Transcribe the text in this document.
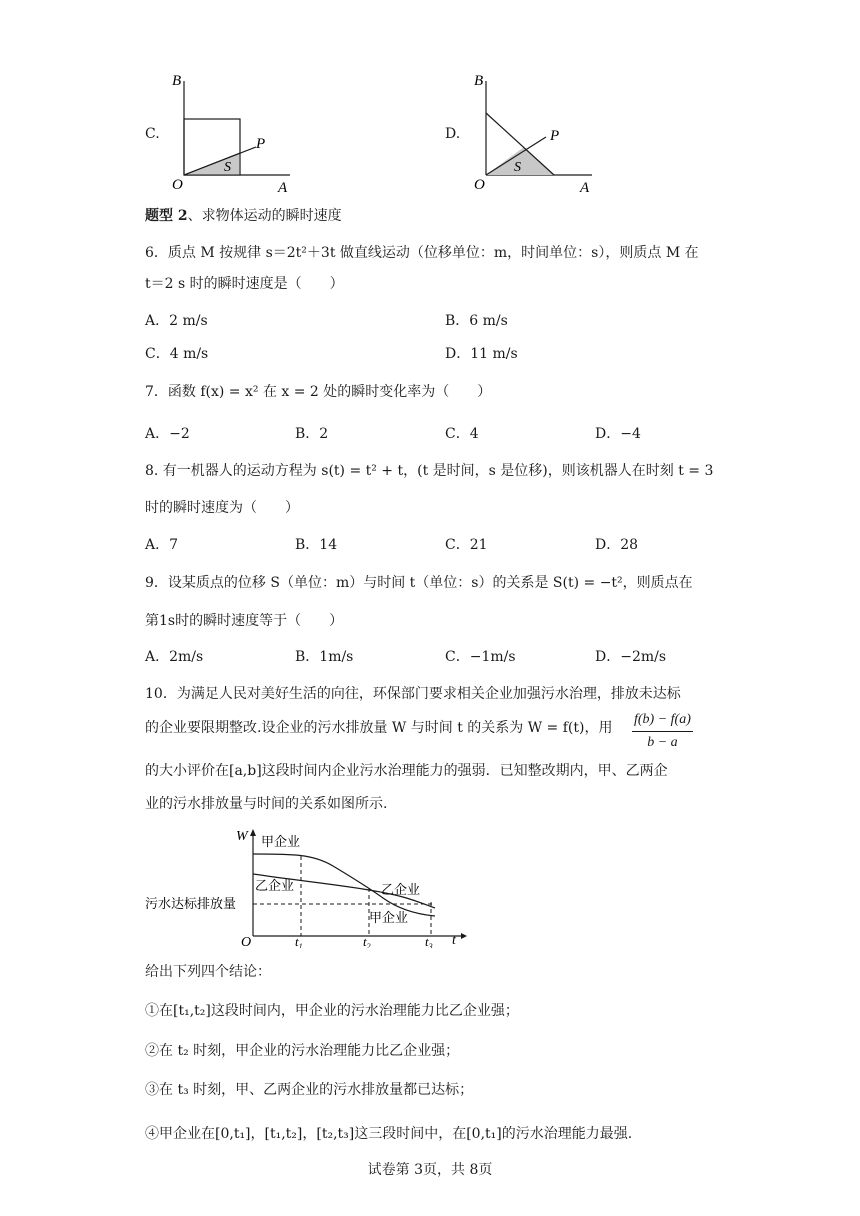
C.
B
O	A
P
S
D.
B
O	A
P
S
题型 2、求物体运动的瞬时速度
6．质点 M 按规律 s＝2t²＋3t 做直线运动（位移单位：m，时间单位：s），则质点 M 在
t＝2 s 时的瞬时速度是（　　）
A．2 m/s	B．6 m/s
C．4 m/s	D．11 m/s
7．函数 f(x) = x² 在 x = 2 处的瞬时变化率为（　　）
A．−2	B．2	C．4	D．−4
8. 有一机器人的运动方程为 s(t) = t² + t，(t 是时间，s 是位移)，则该机器人在时刻 t = 3
时的瞬时速度为（　　）
A．7	B．14	C．21	D．28
9．设某质点的位移 S（单位：m）与时间 t（单位：s）的关系是 S(t) = −t²，则质点在
第1s时的瞬时速度等于（　　）
A．2m/s	B．1m/s	C．−1m/s	D．−2m/s
10．为满足人民对美好生活的向往，环保部门要求相关企业加强污水治理，排放未达标
的企业要限期整改.设企业的污水排放量 W 与时间 t 的关系为 W = f(t)，用 $\frac{f(b) - f(a)}{b - a}$
的大小评价在[a,b]这段时间内企业污水治理能力的强弱．已知整改期内，甲、乙两企
业的污水排放量与时间的关系如图所示.
W 甲企业
乙企业	乙企业
甲企业
污水达标排放量
O	$t_1$	$t_2$	$t_3$ t
给出下列四个结论：
①在[t₁,t₂]这段时间内，甲企业的污水治理能力比乙企业强；
②在 t₂ 时刻，甲企业的污水治理能力比乙企业强；
③在 t₃ 时刻，甲、乙两企业的污水排放量都已达标；
④甲企业在[0,t₁]，[t₁,t₂]，[t₂,t₃]这三段时间中，在[0,t₁]的污水治理能力最强.
试卷第 3页，共 8页
